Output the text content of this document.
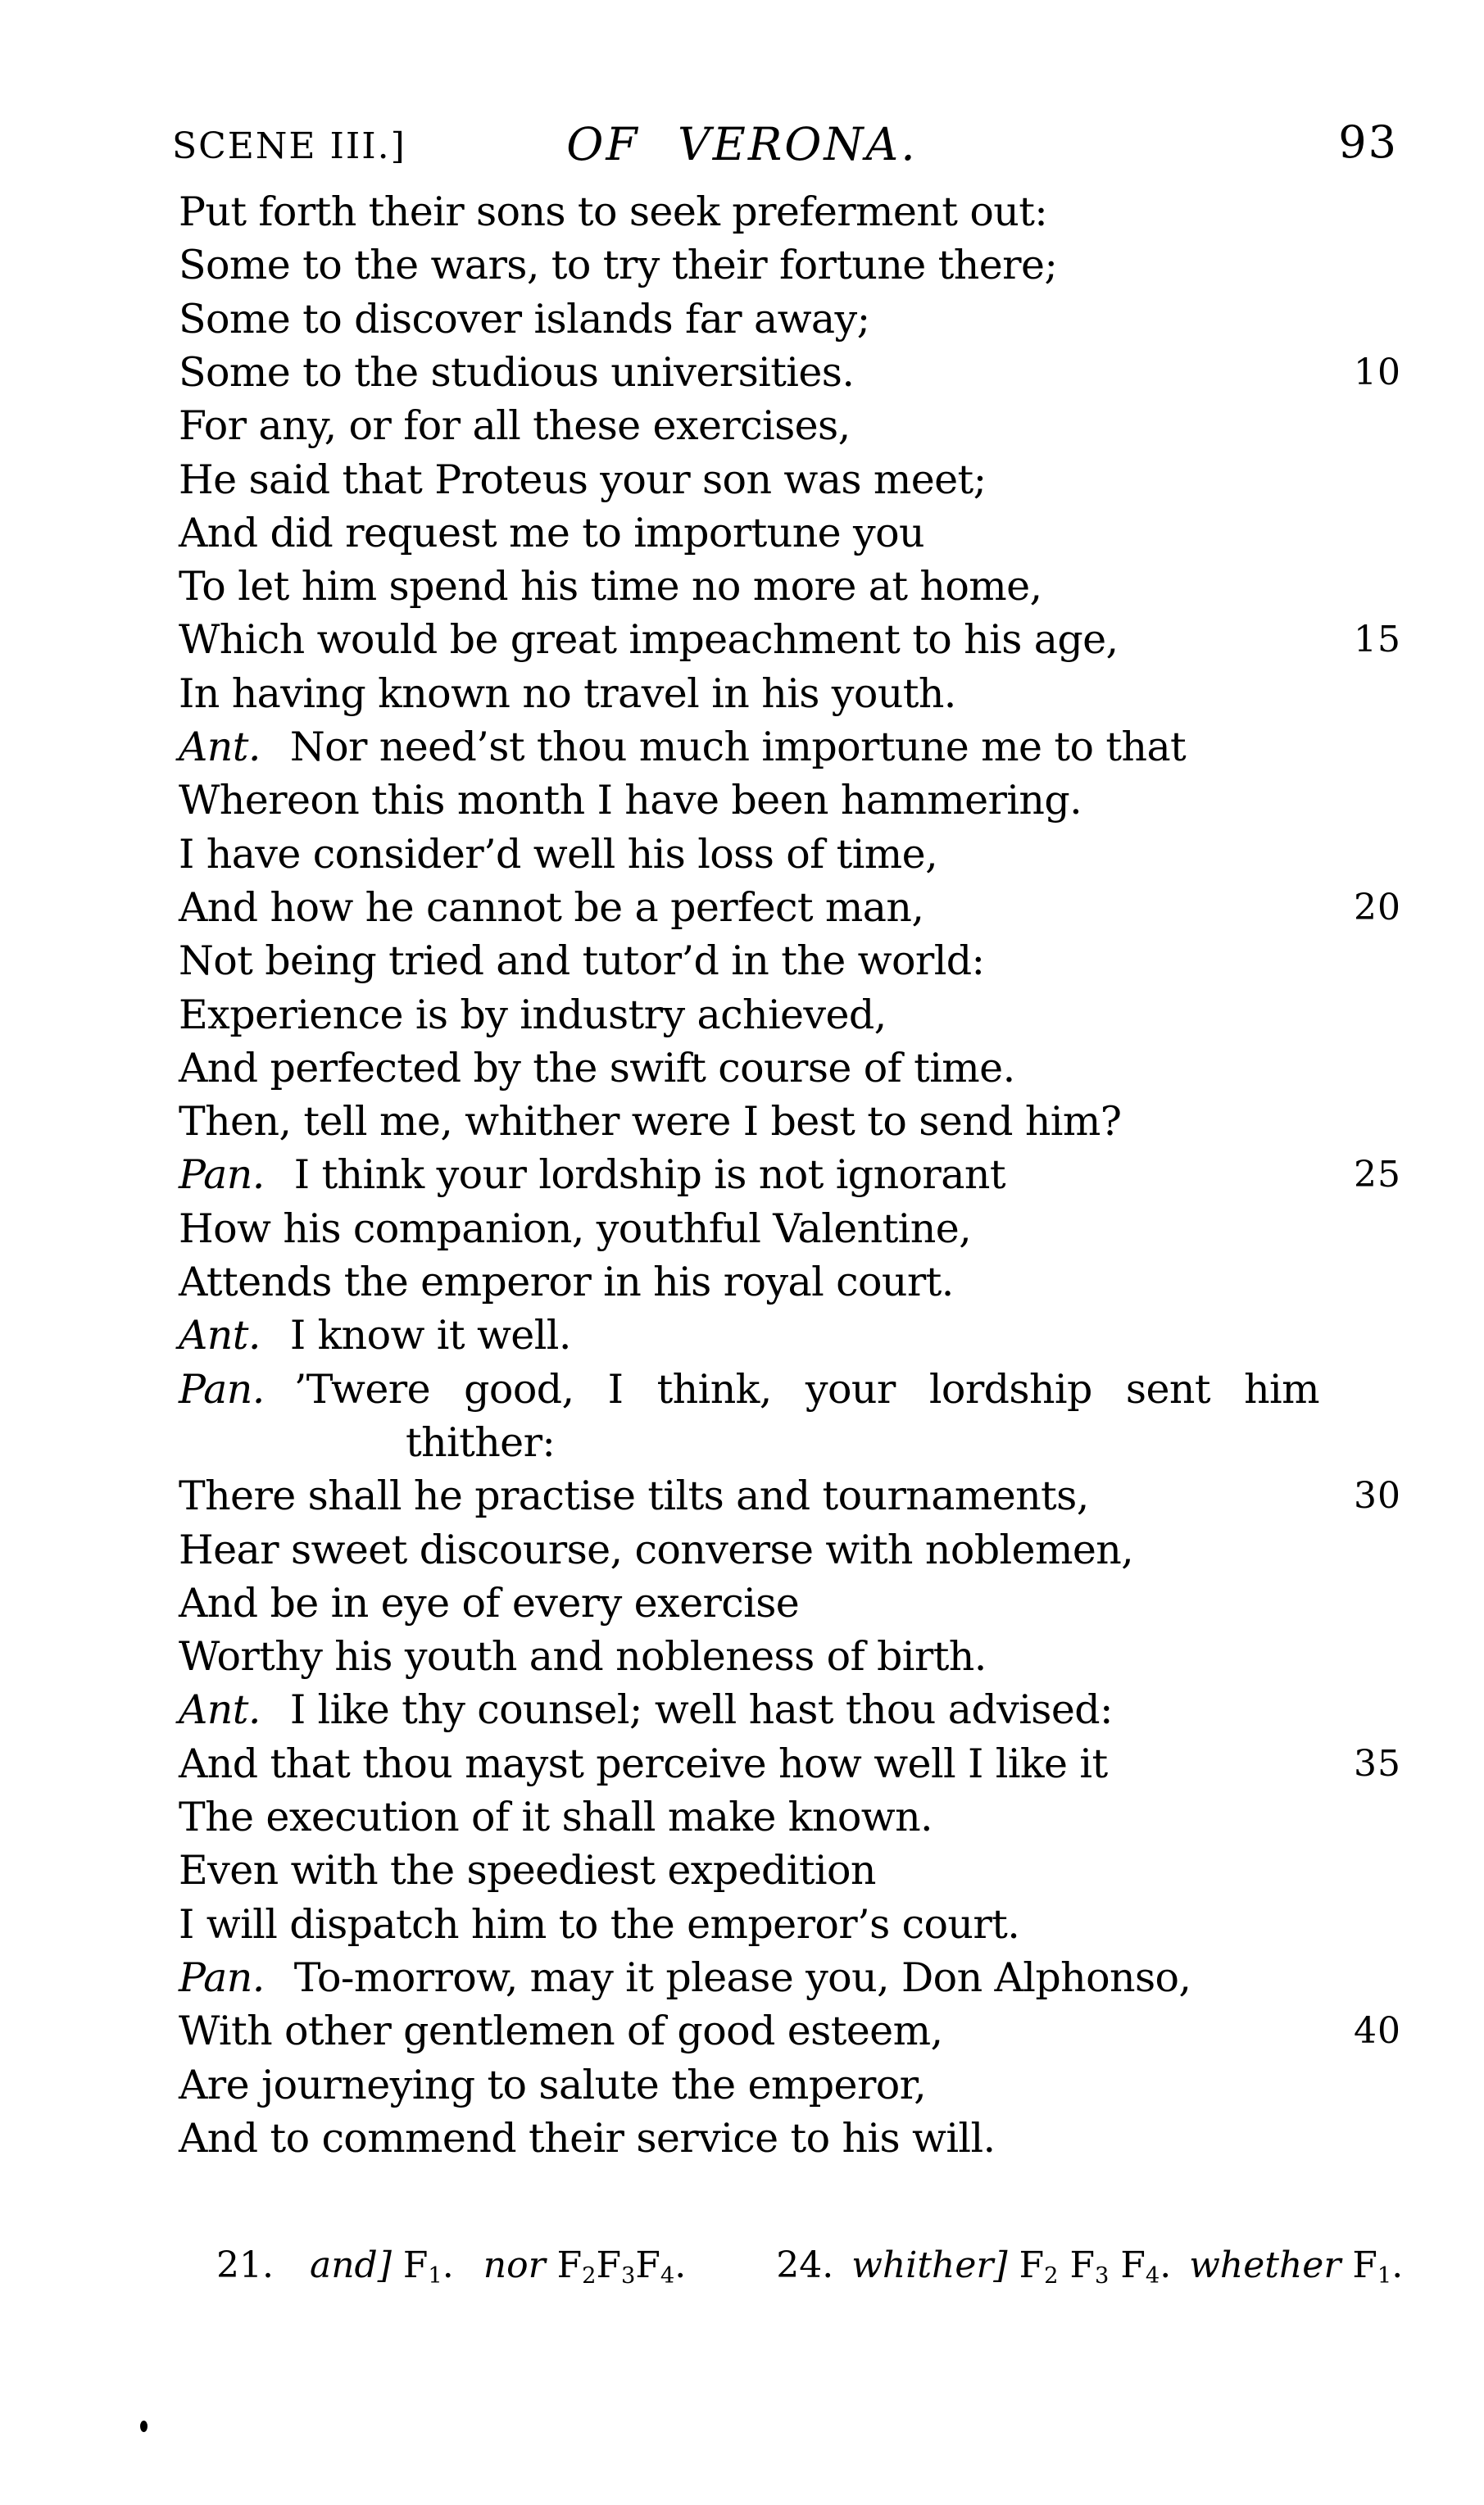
SCENE III.]	OF VERONA.	93
Put forth their sons to seek preferment out:
Some to the wars, to try their fortune there;
Some to discover islands far away;
Some to the studious universities.	10
For any, or for all these exercises,
He said that Proteus your son was meet;
And did request me to importune you
To let him spend his time no more at home,
Which would be great impeachment to his age,	15
In having known no travel in his youth.
Ant. Nor need’st thou much importune me to that
Whereon this month I have been hammering.
I have consider’d well his loss of time,
And how he cannot be a perfect man,	20
Not being tried and tutor’d in the world:
Experience is by industry achieved,
And perfected by the swift course of time.
Then, tell me, whither were I best to send him?
Pan. I think your lordship is not ignorant	25
How his companion, youthful Valentine,
Attends the emperor in his royal court.
Ant. I know it well.
Pan. ’Twere good, I think, your lordship sent him
thither:
There shall he practise tilts and tournaments,	30
Hear sweet discourse, converse with noblemen,
And be in eye of every exercise
Worthy his youth and nobleness of birth.
Ant. I like thy counsel; well hast thou advised:
And that thou mayst perceive how well I like it	35
The execution of it shall make known.
Even with the speediest expedition
I will dispatch him to the emperor’s court.
Pan. To-morrow, may it please you, Don Alphonso,
With other gentlemen of good esteem,	40
Are journeying to salute the emperor,
And to commend their service to his will.
21.  and] $F_1$.  nor $F_2F_3F_4$.   24. whither] $F_2$ $F_3$ $F_4$. whether $F_1$.
